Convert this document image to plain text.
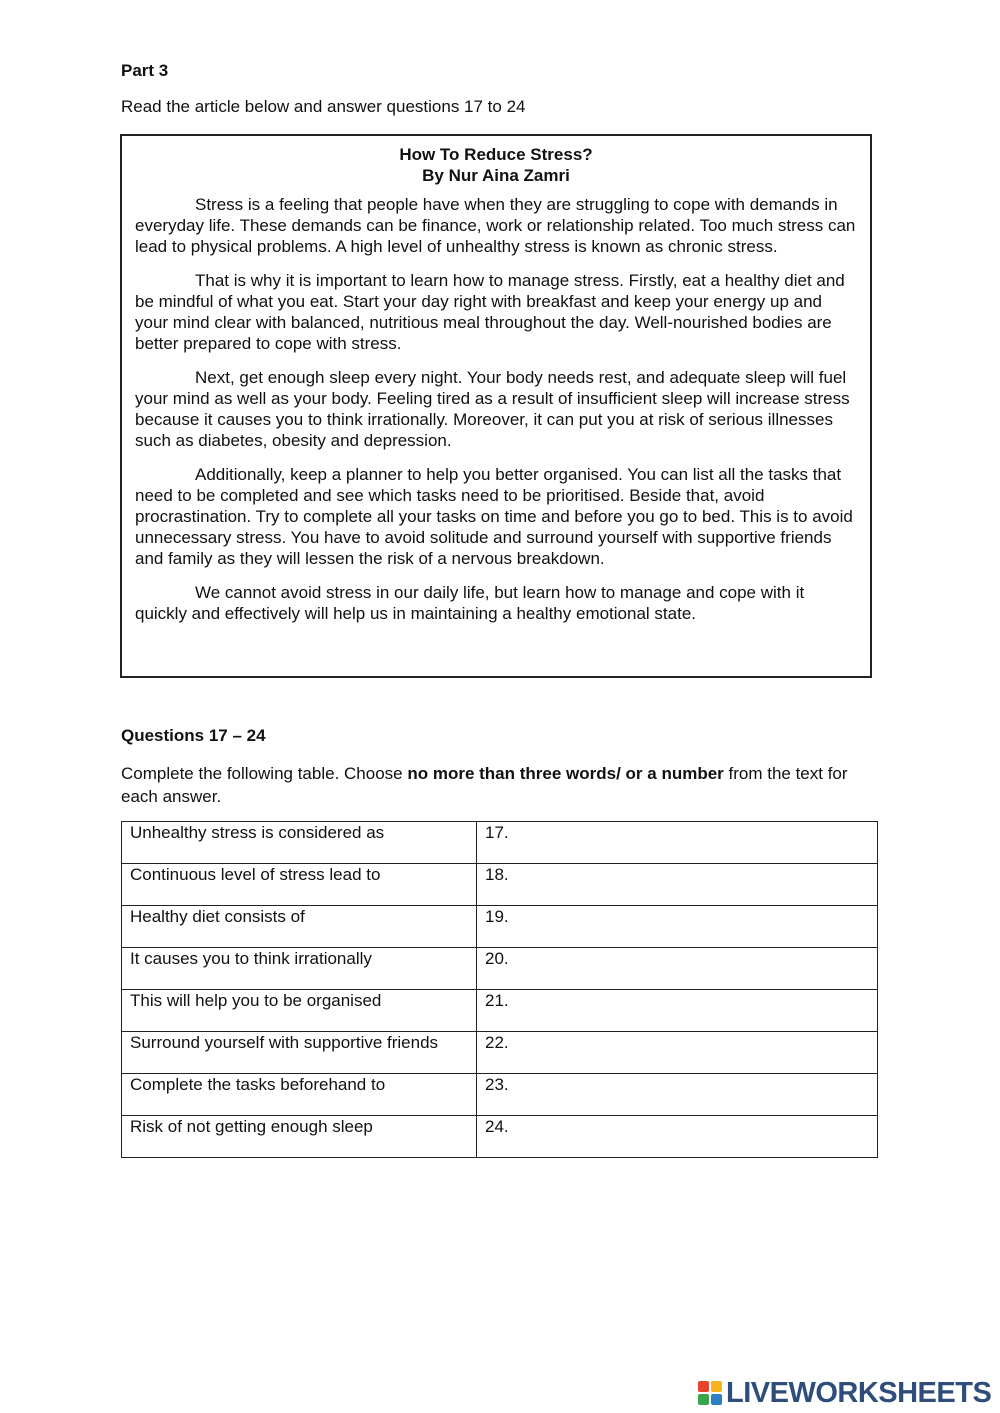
Part 3
Read the article below and answer questions 17 to 24
How To Reduce Stress?
By Nur Aina Zamri

Stress is a feeling that people have when they are struggling to cope with demands in everyday life. These demands can be finance, work or relationship related. Too much stress can lead to physical problems. A high level of unhealthy stress is known as chronic stress.

That is why it is important to learn how to manage stress. Firstly, eat a healthy diet and be mindful of what you eat. Start your day right with breakfast and keep your energy up and your mind clear with balanced, nutritious meal throughout the day. Well-nourished bodies are better prepared to cope with stress.

Next, get enough sleep every night. Your body needs rest, and adequate sleep will fuel your mind as well as your body. Feeling tired as a result of insufficient sleep will increase stress because it causes you to think irrationally. Moreover, it can put you at risk of serious illnesses such as diabetes, obesity and depression.

Additionally, keep a planner to help you better organised. You can list all the tasks that need to be completed and see which tasks need to be prioritised. Beside that, avoid procrastination. Try to complete all your tasks on time and before you go to bed. This is to avoid unnecessary stress. You have to avoid solitude and surround yourself with supportive friends and family as they will lessen the risk of a nervous breakdown.

We cannot avoid stress in our daily life, but learn how to manage and cope with it quickly and effectively will help us in maintaining a healthy emotional state.

Questions 17 – 24
Complete the following table. Choose no more than three words/ or a number from the text for each answer.
Unhealthy stress is considered as	17.
Continuous level of stress lead to	18.
Healthy diet consists of	19.
It causes you to think irrationally	20.
This will help you to be organised	21.
Surround yourself with supportive friends	22.
Complete the tasks beforehand to	23.
Risk of not getting enough sleep	24.
LIVEWORKSHEETS
